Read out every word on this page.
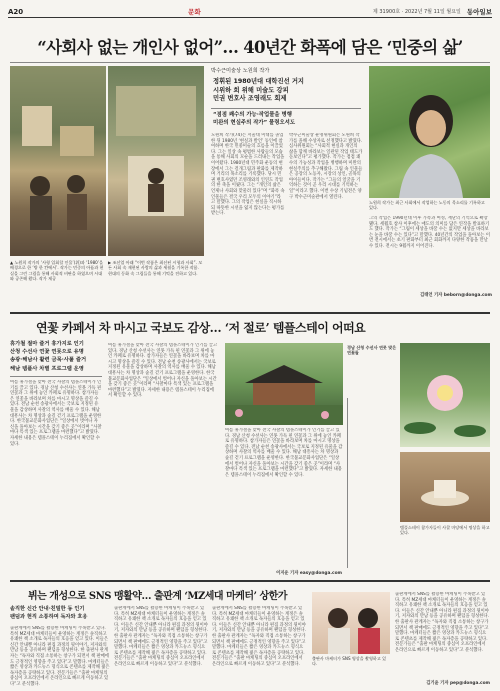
A20	문화	제 31900호 · 2022년 7월 11일 월요일 동아일보
“사회사 없는 개인사 없어”… 40년간 화폭에 담은 ‘민중의 삶’
▲ 노원희 작가의 ‘사형 입회할 인물’(위)과 ‘1980’을 배경으로 한 ‘방 한 칸에서’. 작가는 민중의 아픔과 현실을 그린 그림을 통해 사회적 비판을 하였으며 시대와 공존해 왔다. 작가 제공
▶ 조선업 아래 “이번 작품은 최선된 시형과 사회”. 모든 사회 속 재현된 사람의 삶과 세월을 기록한 작품. 현대의 동화 속 그림들을 통해 기억을 전하고 있다.
박수근미술상 노원희 작가
정휘된 1980년대 대학진선 거지
시위하 희 위해 미술도 강피
민권 변호사 조영래도 회제
“점점 쾌수의 가능·작업물을 병행
미완의 현실주의 작가” 물령오셔도
노원희 작가(74)는 서울대 미대를 졸업한 뒤 1980년 ‘현실과 발언’ 동인에 참여하며 한국 민중미술의 흐름을 이끌었다. 그는 일상 속 평범한 사람들의 모습을 통해 사회의 모순을 드러내는 작업을 이어왔다. 1980년대 민주화 운동의 현장에서 그는 걸개그림과 판화를 제작하며 거리의 목소리를 기록했다. 당시 민권 변호사였던 조영래와의 인연도 작업의 한 축을 이뤘다. 그는 “개인의 삶은 언제나 사회와 맞물려 있다”며 “화폭 속 인물들은 결국 우리 모두의 이야기”라고 말했다. 그의 작업은 현실을 직시하되 따뜻한 시선을 잃지 않는다는 평가를 받는다.
박수근미술상 운영위원회는 노원희 작가를 올해 수상자로 선정했다고 밝혔다. 심사위원회는 “사회적 현실과 개인의 삶을 함께 바라보는 일관된 작업 태도가 돋보인다”고 평가했다. 작가는 점점 쾌수의 가능성과 작업을 병행하며 미완의 현실주의를 추구해왔다. 그림 속 인물들은 공장의 노동자, 시장의 상인, 골목의 아이들이다. 작가는 “그들의 얼굴을 기억하는 것이 곧 우리 시대를 기억하는 일”이라고 했다. 이번 수상 기념전은 양구 박수근미술관에서 열린다.
노원희 작가는 최근 사회에서 작업하는 노동의 목소리를 기록하고 있다.
그의 작업은 1990년대 이후 가족과 여성, 재난의 기억으로 확장됐다. 세월호 참사 이후에는 애도의 의미를 담은 연작을 발표하기도 했다. 작가는 “그림이 세상을 바꿀 수는 없지만 세상을 바라보는 눈을 바꿀 수는 있다”고 말했다. 40년간의 작업을 돌아보는 이번 전시에서는 초기 판화부터 최근 회화까지 다양한 작품을 만날 수 있다. 전시는 9월까지 이어진다.
김태언 기자 beborn@donga.com
연꽃 카페서 차 마시고 국보도 감상… ‘저 절로’ 템플스테이 어떠요
휴가철 절마 즐거 휴가지로 인기
산청 수선사 연꽃 연못으로 유명
송광·해남사 활련 금목·사풀 즐거
해남 템플사 차별 프로그램 운영
여름 휴가철을 맞아 전국 사찰의 템플스테이가 인기를 끌고 있다. 경남 산청 수선사는 연못 가득 핀 연꽃과 그 위에 놓인 카페로 유명하다. 참가자들은 연꽃을 바라보며 차를 마시고 명상을 즐길 수 있다. 전남 순천 송광사에서는 국보로 지정된 유물을 감상하며 사찰의 역사를 배울 수 있다. 해남 대흥사는 차 명상과 숲길 걷기 프로그램을 운영한다. 한국불교문화사업단은 “일상에서 벗어나 자신을 돌아보는 시간을 갖기 좋은 곳”이라며 “사찰마다 특색 있는 프로그램을 마련했다”고 밝혔다. 자세한 내용은 템플스테이 누리집에서 확인할 수 있다.
여름 휴가철을 맞아 전국 사찰의 템플스테이가 인기를 끌고 있다. 경남 산청 수선사는 연못 가득 핀 연꽃과 그 위에 놓인 카페로 유명하다. 참가자들은 연꽃을 바라보며 차를 마시고 명상을 즐길 수 있다. 전남 순천 송광사에서는 국보로 지정된 유물을 감상하며 사찰의 역사를 배울 수 있다. 해남 대흥사는 차 명상과 숲길 걷기 프로그램을 운영한다. 한국불교문화사업단은 “일상에서 벗어나 자신을 돌아보는 시간을 갖기 좋은 곳”이라며 “사찰마다 특색 있는 프로그램을 마련했다”고 밝혔다. 자세한 내용은 템플스테이 누리집에서 확인할 수 있다.
여름 휴가철을 맞아 전국 사찰의 템플스테이가 인기를 끌고 있다. 경남 산청 수선사는 연못 가득 핀 연꽃과 그 위에 놓인 카페로 유명하다. 참가자들은 연꽃을 바라보며 차를 마시고 명상을 즐길 수 있다. 전남 순천 송광사에서는 국보로 지정된 유물을 감상하며 사찰의 역사를 배울 수 있다. 해남 대흥사는 차 명상과 숲길 걷기 프로그램을 운영한다. 한국불교문화사업단은 “일상에서 벗어나 자신을 돌아보는 시간을 갖기 좋은 곳”이라며 “사찰마다 특색 있는 프로그램을 마련했다”고 밝혔다. 자세한 내용은 템플스테이 누리집에서 확인할 수 있다.
경남 산청 수선사 연못 맞은 연꽃들
템플스테이 참가자들이 사찰 마당에서 명상을 하고 있다.
이지운 기자 easy@donga.com
뷔는 개성으로 SNS 맹활약… 출판계 ‘MZ세대 마케터’ 상한가
솔직한 신간 안내·친밀한 동 인기
팬덤과 현직 소통하며 독자와 호응
출판계에서 SNS를 활용한 마케팅이 주목받고 있다. 특히 MZ세대 마케터들이 운영하는 계정은 솔직하고 유쾌한 책 소개로 독자들의 호응을 얻고 있다. 이들은 신간 안내뿐 아니라 편집 과정의 뒷이야기, 저자와의 만남 등을 공유하며 팬덤을 형성한다. 한 출판사 관계자는 “독자와 직접 소통하는 창구가 되면서 책 판매에도 긍정적인 영향을 주고 있다”고 말했다. 마케터들은 짧은 영상과 카드뉴스 형식으로 콘텐츠를 제작해 젊은 독자층을 공략하고 있다. 전문가들은 “출판 마케팅의 중심이 오프라인에서 온라인으로 빠르게 이동하고 있다”고 분석했다.
출판계에서 SNS를 활용한 마케팅이 주목받고 있다. 특히 MZ세대 마케터들이 운영하는 계정은 솔직하고 유쾌한 책 소개로 독자들의 호응을 얻고 있다. 이들은 신간 안내뿐 아니라 편집 과정의 뒷이야기, 저자와의 만남 등을 공유하며 팬덤을 형성한다. 한 출판사 관계자는 “독자와 직접 소통하는 창구가 되면서 책 판매에도 긍정적인 영향을 주고 있다”고 말했다. 마케터들은 짧은 영상과 카드뉴스 형식으로 콘텐츠를 제작해 젊은 독자층을 공략하고 있다. 전문가들은 “출판 마케팅의 중심이 오프라인에서 온라인으로 빠르게 이동하고 있다”고 분석했다.
출판계에서 SNS를 활용한 마케팅이 주목받고 있다. 특히 MZ세대 마케터들이 운영하는 계정은 솔직하고 유쾌한 책 소개로 독자들의 호응을 얻고 있다. 이들은 신간 안내뿐 아니라 편집 과정의 뒷이야기, 저자와의 만남 등을 공유하며 팬덤을 형성한다. 한 출판사 관계자는 “독자와 직접 소통하는 창구가 되면서 책 판매에도 긍정적인 영향을 주고 있다”고 말했다. 마케터들은 짧은 영상과 카드뉴스 형식으로 콘텐츠를 제작해 젊은 독자층을 공략하고 있다. 전문가들은 “출판 마케팅의 중심이 오프라인에서 온라인으로 빠르게 이동하고 있다”고 분석했다.
출판사 마케터가 SNS 영상을 촬영하고 있다.
출판계에서 SNS를 활용한 마케팅이 주목받고 있다. 특히 MZ세대 마케터들이 운영하는 계정은 솔직하고 유쾌한 책 소개로 독자들의 호응을 얻고 있다. 이들은 신간 안내뿐 아니라 편집 과정의 뒷이야기, 저자와의 만남 등을 공유하며 팬덤을 형성한다. 한 출판사 관계자는 “독자와 직접 소통하는 창구가 되면서 책 판매에도 긍정적인 영향을 주고 있다”고 말했다. 마케터들은 짧은 영상과 카드뉴스 형식으로 콘텐츠를 제작해 젊은 독자층을 공략하고 있다. 전문가들은 “출판 마케팅의 중심이 오프라인에서 온라인으로 빠르게 이동하고 있다”고 분석했다.
김기윤 기자 pep@donga.com
